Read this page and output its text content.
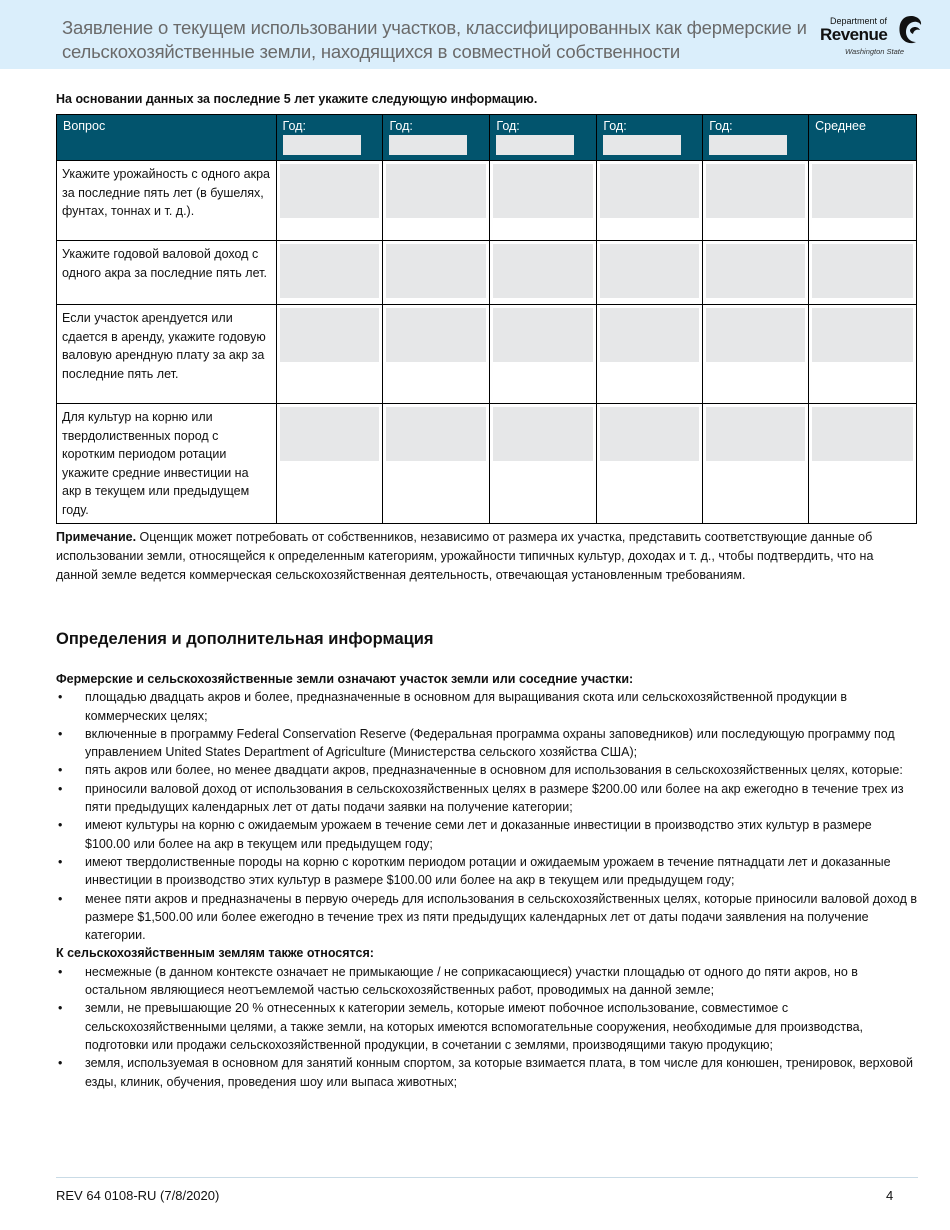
Заявление о текущем использовании участков, классифицированных как фермерские и сельскохозяйственные земли, находящихся в совместной собственности
Department of
Revenue
Washington State
На основании данных за последние 5 лет укажите следующую информацию.
Вопрос	Год:	Год:	Год:	Год:	Год:	Среднее
Укажите урожайность с одного акра за последние пять лет (в бушелях, фунтах, тоннах и т. д.).	

Укажите годовой валовой доход с одного акра за последние пять лет.	

Если участок арендуется или сдается в аренду, укажите годовую валовую арендную плату за акр за последние пять лет.	

Для культур на корню или твердолиственных пород с коротким периодом ротации укажите средние инвестиции на акр в текущем или предыдущем году.	

Примечание. Оценщик может потребовать от собственников, независимо от размера их участка, представить соответствующие данные об использовании земли, относящейся к определенным категориям, урожайности типичных культур, доходах и т. д., чтобы подтвердить, что на данной земле ведется коммерческая сельскохозяйственная деятельность, отвечающая установленным требованиям.
Определения и дополнительная информация
Фермерские и сельскохозяйственные земли означают участок земли или соседние участки:
• площадью двадцать акров и более, предназначенные в основном для выращивания скота или сельскохозяйственной продукции в коммерческих целях;
• включенные в программу Federal Conservation Reserve (Федеральная программа охраны заповедников) или последующую программу под управлением United States Department of Agriculture (Министерства сельского хозяйства США);
• пять акров или более, но менее двадцати акров, предназначенные в основном для использования в сельскохозяйственных целях, которые:
• приносили валовой доход от использования в сельскохозяйственных целях в размере $200.00 или более на акр ежегодно в течение трех из пяти предыдущих календарных лет от даты подачи заявки на получение категории;
• имеют культуры на корню с ожидаемым урожаем в течение семи лет и доказанные инвестиции в производство этих культур в размере $100.00 или более на акр в текущем или предыдущем году;
• имеют твердолиственные породы на корню с коротким периодом ротации и ожидаемым урожаем в течение пятнадцати лет и доказанные инвестиции в производство этих культур в размере $100.00 или более на акр в текущем или предыдущем году;
• менее пяти акров и предназначены в первую очередь для использования в сельскохозяйственных целях, которые приносили валовой доход в размере $1,500.00 или более ежегодно в течение трех из пяти предыдущих календарных лет от даты подачи заявления на получение категории.
К сельскохозяйственным землям также относятся:
• несмежные (в данном контексте означает не примыкающие / не соприкасающиеся) участки площадью от одного до пяти акров, но в остальном являющиеся неотъемлемой частью сельскохозяйственных работ, проводимых на данной земле;
• земли, не превышающие 20 % отнесенных к категории земель, которые имеют побочное использование, совместимое с сельскохозяйственными целями, а также земли, на которых имеются вспомогательные сооружения, необходимые для производства, подготовки или продажи сельскохозяйственной продукции, в сочетании с землями, производящими такую продукцию;
• земля, используемая в основном для занятий конным спортом, за которые взимается плата, в том числе для конюшен, тренировок, верховой езды, клиник, обучения, проведения шоу или выпаса животных;
REV 64 0108-RU (7/8/2020)	4
